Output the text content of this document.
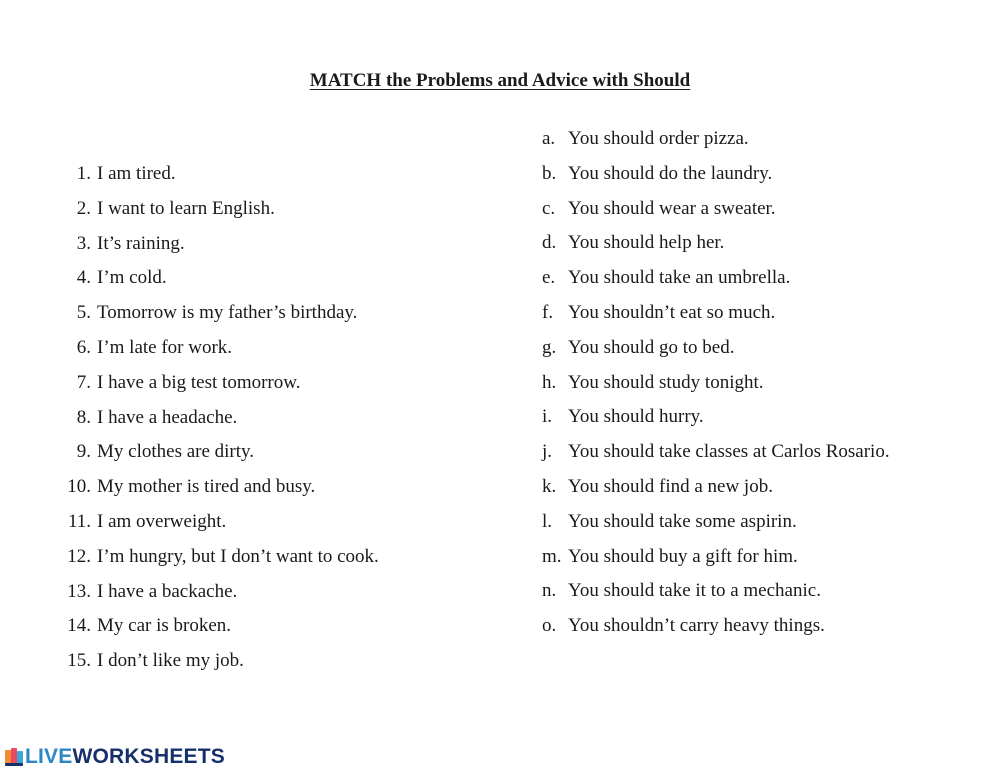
MATCH the Problems and Advice with Should
1. I am tired.
2. I want to learn English.
3. It’s raining.
4. I’m cold.
5. Tomorrow is my father’s birthday.
6. I’m late for work.
7. I have a big test tomorrow.
8. I have a headache.
9. My clothes are dirty.
10. My mother is tired and busy.
11. I am overweight.
12. I’m hungry, but I don’t want to cook.
13. I have a backache.
14. My car is broken.
15. I don’t like my job.
a. You should order pizza.
b. You should do the laundry.
c. You should wear a sweater.
d. You should help her.
e. You should take an umbrella.
f. You shouldn’t eat so much.
g. You should go to bed.
h. You should study tonight.
i. You should hurry.
j. You should take classes at Carlos Rosario.
k. You should find a new job.
l. You should take some aspirin.
m. You should buy a gift for him.
n. You should take it to a mechanic.
o. You shouldn’t carry heavy things.
LIVE WORKSHEETS
